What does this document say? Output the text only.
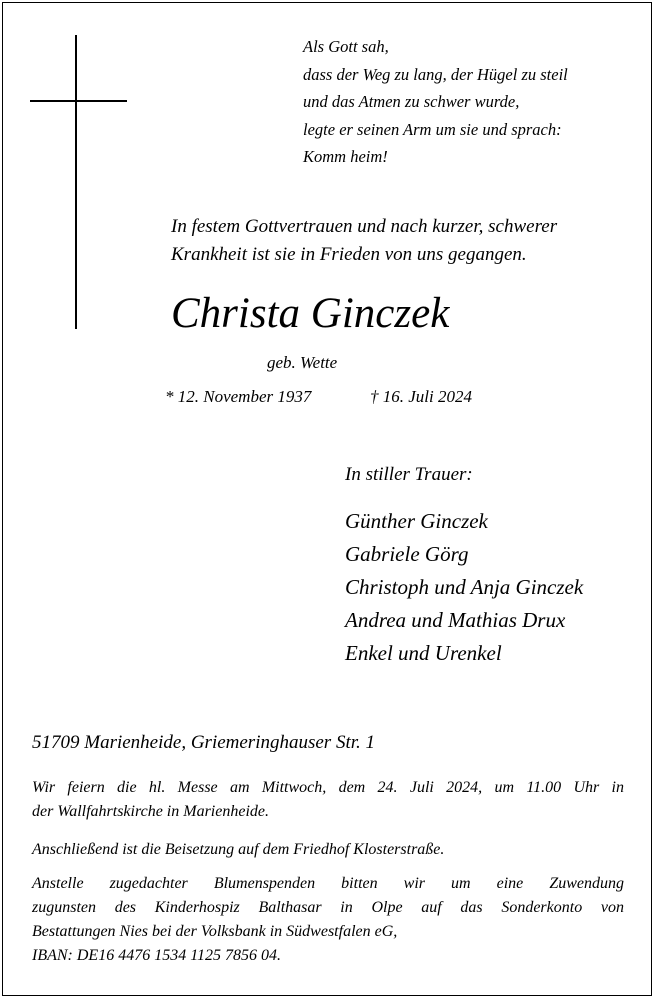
Als Gott sah,
dass der Weg zu lang, der Hügel zu steil
und das Atmen zu schwer wurde,
legte er seinen Arm um sie und sprach:
Komm heim!
In festem Gottvertrauen und nach kurzer, schwerer
Krankheit ist sie in Frieden von uns gegangen.
Christa Ginczek
geb. Wette
* 12. November 1937	† 16. Juli 2024
In stiller Trauer:
Günther Ginczek
Gabriele Görg
Christoph und Anja Ginczek
Andrea und Mathias Drux
Enkel und Urenkel
51709 Marienheide, Griemeringhauser Str. 1
Wir feiern die hl. Messe am Mittwoch, dem 24. Juli 2024, um 11.00 Uhr in
der Wallfahrtskirche in Marienheide.
Anschließend ist die Beisetzung auf dem Friedhof Klosterstraße.
Anstelle zugedachter Blumenspenden bitten wir um eine Zuwendung
zugunsten des Kinderhospiz Balthasar in Olpe auf das Sonderkonto von
Bestattungen Nies bei der Volksbank in Südwestfalen eG,
IBAN: DE16 4476 1534 1125 7856 04.
